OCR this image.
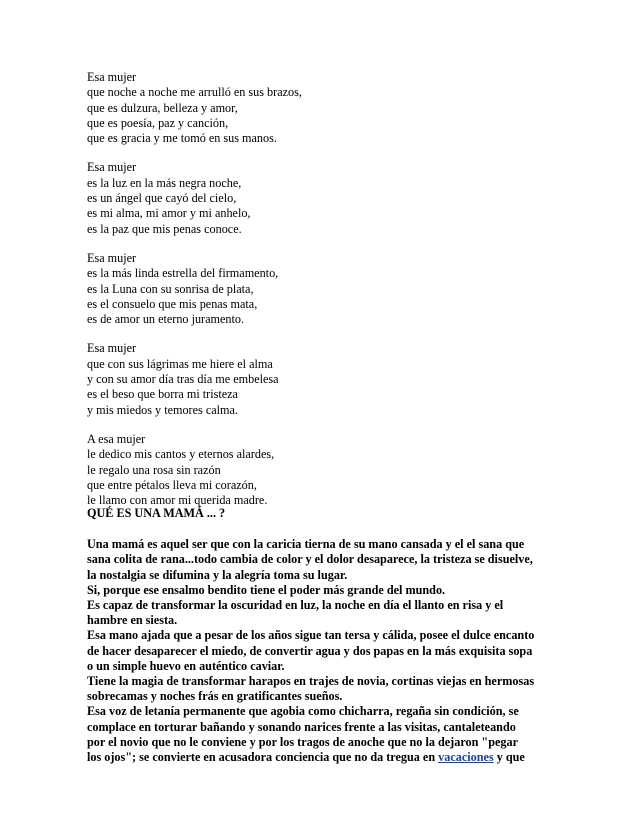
Esa mujer
que noche a noche me arrulló en sus brazos,
que es dulzura, belleza y amor,
que es poesía, paz y canción,
que es gracia y me tomó en sus manos.
Esa mujer
es la luz en la más negra noche,
es un ángel que cayó del cielo,
es mi alma, mi amor y mi anhelo,
es la paz que mis penas conoce.
Esa mujer
es la más linda estrella del firmamento,
es la Luna con su sonrisa de plata,
es el consuelo que mis penas mata,
es de amor un eterno juramento.
Esa mujer
que con sus lágrimas me hiere el alma
y con su amor día tras día me embelesa
es el beso que borra mi tristeza
y mis miedos y temores calma.
A esa mujer
le dedico mis cantos y eternos alardes,
le regalo una rosa sin razón
que entre pétalos lleva mi corazón,
le llamo con amor mi querida madre.
QUÉ ES UNA MAMÁ ... ?
Una mamá es aquel ser que con la caricia tierna de su mano cansada y el el sana que
sana colita de rana...todo cambia de color y el dolor desaparece, la tristeza se disuelve,
la nostalgia se difumina y la alegría toma su lugar.
Si, porque ese ensalmo bendito tiene el poder más grande del mundo.
Es capaz de transformar la oscuridad en luz, la noche en día el llanto en risa y el
hambre en siesta.
Esa mano ajada que a pesar de los años sigue tan tersa y cálida, posee el dulce encanto
de hacer desaparecer el miedo, de convertir agua y dos papas en la más exquisita sopa
o un simple huevo en auténtico caviar.
Tiene la magia de transformar harapos en trajes de novia, cortinas viejas en hermosas
sobrecamas y noches frás en gratificantes sueños.
Esa voz de letanía permanente que agobia como chicharra, regaña sin condición, se
complace en torturar bañando y sonando narices frente a las visitas, cantaleteando
por el novio que no le conviene y por los tragos de anoche que no la dejaron "pegar
los ojos"; se convierte en acusadora conciencia que no da tregua en vacaciones y que
